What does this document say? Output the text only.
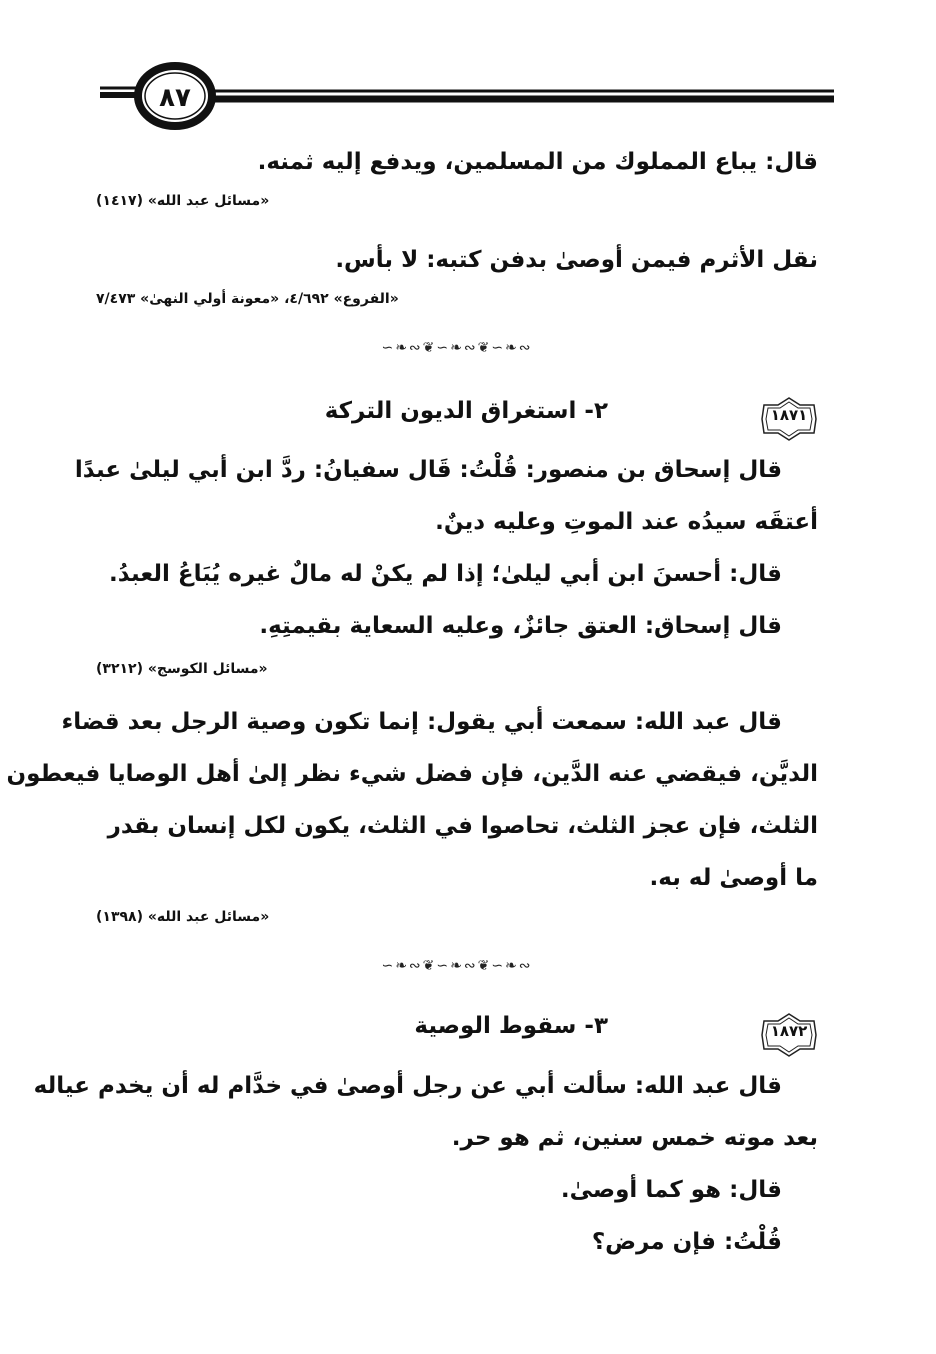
٨٧
قال: يباع المملوك من المسلمين، ويدفع إليه ثمنه.
«مسائل عبد الله» (١٤١٧)
نقل الأثرم فيمن أوصىٰ بدفن كتبه: لا بأس.
«الفروع» ٤/٦٩٢، «معونة أولي النهىٰ» ٧/٤٧٣
∽❧∾❦∽❧∾❦∽❧∾
١٨٧١
٢- استغراق الديون التركة
قال إسحاق بن منصور: قُلْتُ: قَال سفيانُ: ردَّ ابن أبي ليلىٰ عبدًا
أعتقَه سيدُه عند الموتِ وعليه دينٌ.
قال: أحسنَ ابن أبي ليلىٰ؛ إذا لم يكنْ له مالٌ غيره يُبَاعُ العبدُ.
قال إسحاق: العتق جائزٌ، وعليه السعاية بقيمتِهِ.
«مسائل الكوسج» (٣٢١٢)
قال عبد الله: سمعت أبي يقول: إنما تكون وصية الرجل بعد قضاء
الديَّن، فيقضي عنه الدَّين، فإن فضل شيء نظر إلىٰ أهل الوصايا فيعطون
الثلث، فإن عجز الثلث، تحاصوا في الثلث، يكون لكل إنسان بقدر
ما أوصىٰ له به.
«مسائل عبد الله» (١٣٩٨)
∽❧∾❦∽❧∾❦∽❧∾
١٨٧٢
٣- سقوط الوصية
قال عبد الله: سألت أبي عن رجل أوصىٰ في خدَّام له أن يخدم عياله
بعد موته خمس سنين، ثم هو حر.
قال: هو كما أوصىٰ.
قُلْتُ: فإن مرض؟
